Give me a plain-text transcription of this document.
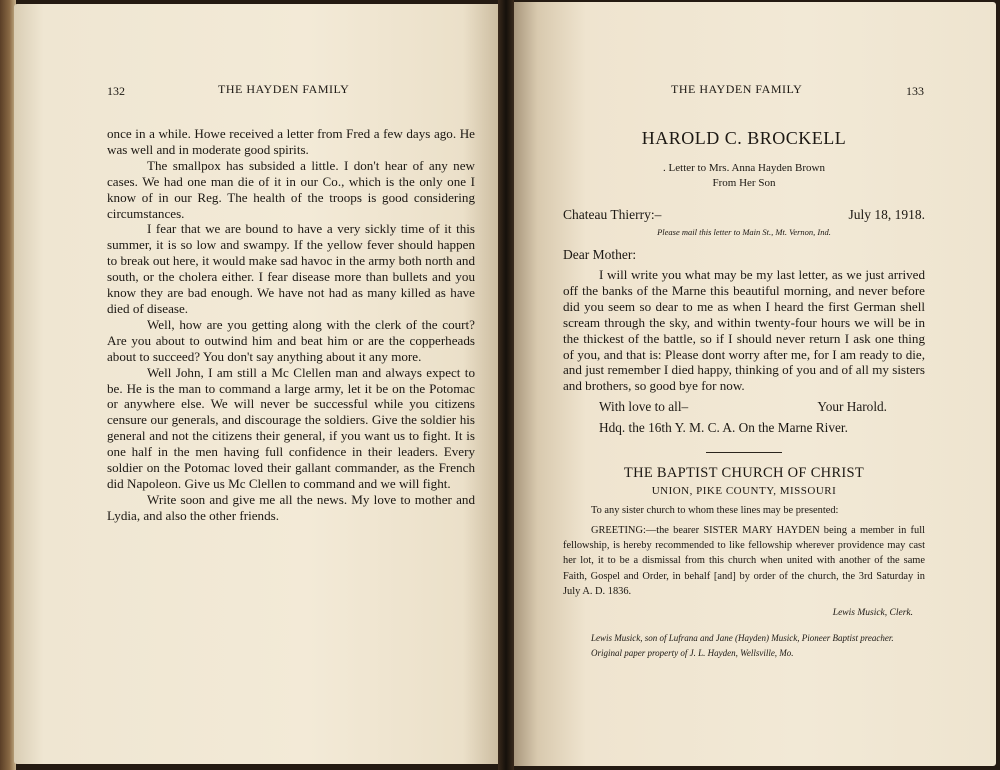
132	THE HAYDEN FAMILY

once in a while. Howe received a letter from Fred a few days ago. He was well and in moderate good spirits.

The smallpox has subsided a little. I don't hear of any new cases. We had one man die of it in our Co., which is the only one I know of in our Reg. The health of the troops is good considering circumstances.

I fear that we are bound to have a very sickly time of it this summer, it is so low and swampy. If the yellow fever should happen to break out here, it would make sad havoc in the army both north and south, or the cholera either. I fear disease more than bullets and you know they are bad enough. We have not had as many killed as have died of disease.

Well, how are you getting along with the clerk of the court? Are you about to outwind him and beat him or are the copperheads about to succeed? You don't say anything about it any more.

Well John, I am still a Mc Clellen man and always expect to be. He is the man to command a large army, let it be on the Potomac or anywhere else. We will never be successful while you citizens censure our generals, and discourage the soldiers. Give the soldier his general and not the citizens their general, if you want us to fight. It is one half in the men having full confidence in their leaders. Every soldier on the Potomac loved their gallant commander, as the French did Napoleon. Give us Mc Clellen to command and we will fight.

Write soon and give me all the news. My love to mother and Lydia, and also the other friends.

THE HAYDEN FAMILY	133
HAROLD C. BROCKELL
. Letter to Mrs. Anna Hayden Brown
From Her Son
Chateau Thierry:–	July 18, 1918.
Please mail this letter to Main St., Mt. Vernon, Ind.
Dear Mother:

I will write you what may be my last letter, as we just arrived off the banks of the Marne this beautiful morning, and never before did you seem so dear to me as when I heard the first German shell scream through the sky, and within twenty-four hours we will be in the thickest of the battle, so if I should never return I ask one thing of you, and that is: Please dont worry after me, for I am ready to die, and just remember I died happy, thinking of you and of all my sisters and brothers, so good bye for now.

With love to all–	Your Harold.
Hdq. the 16th Y. M. C. A. On the Marne River.
THE BAPTIST CHURCH OF CHRIST
UNION, PIKE COUNTY, MISSOURI

To any sister church to whom these lines may be presented:

GREETING:—the bearer SISTER MARY HAYDEN being a member in full fellowship, is hereby recommended to like fellowship wherever providence may cast her lot, it to be a dismissal from this church when united with another of the same Faith, Gospel and Order, in behalf [and] by order of the church, the 3rd Saturday in July A. D. 1836.

Lewis Musick, Clerk.
Lewis Musick, son of Lufrana and Jane (Hayden) Musick, Pioneer Baptist preacher.
Original paper property of J. L. Hayden, Wellsville, Mo.
